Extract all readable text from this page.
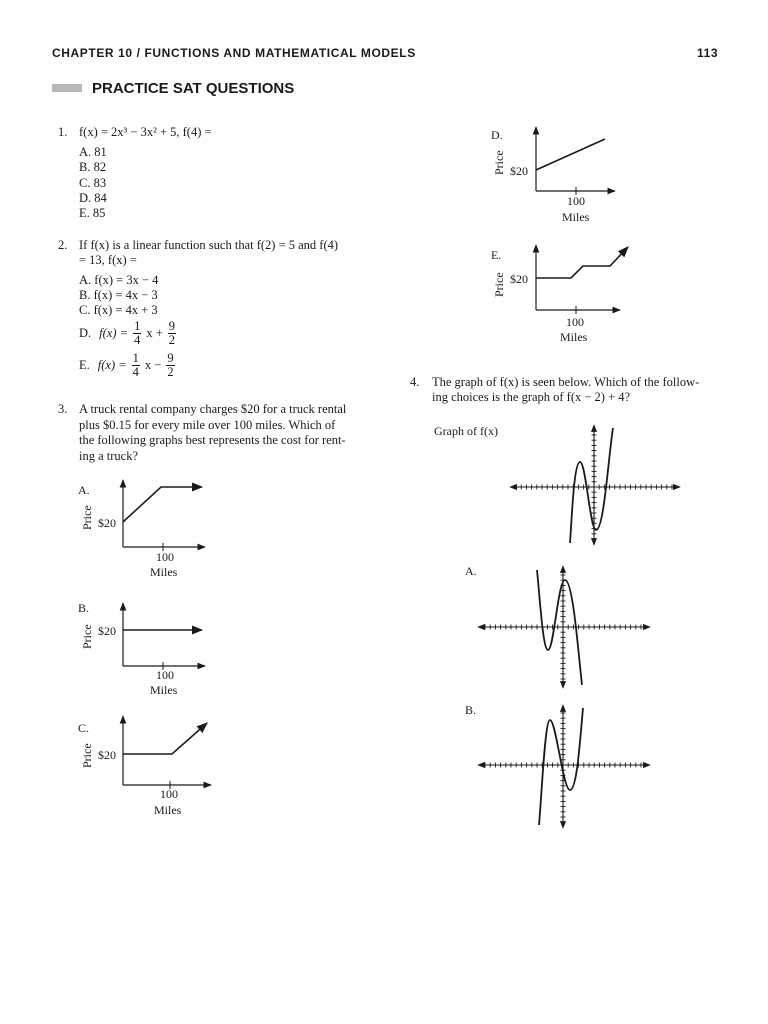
CHAPTER 10 / FUNCTIONS AND MATHEMATICAL MODELS	113
PRACTICE SAT QUESTIONS
1. f(x) = 2x³ − 3x² + 5, f(4) =
A. 81
B. 82
C. 83
D. 84
E. 85
2. If f(x) is a linear function such that f(2) = 5 and f(4)
= 13, f(x) =
A. f(x) = 3x − 4
B. f(x) = 4x − 3
C. f(x) = 4x + 3
D. $f(x) = \frac{1}{4}$ $x + \frac{9}{2}$
E. $f(x) = \frac{1}{4}$ $x - \frac{9}{2}$
3. A truck rental company charges $20 for a truck rental
plus $0.15 for every mile over 100 miles. Which of
the following graphs best represents the cost for rent-
ing a truck?
4. The graph of f(x) is seen below. Which of the follow-
ing choices is the graph of f(x − 2) + 4?
A.
$20
100
Miles
Price
B.
$20
100
Miles
Price
C.
$20
100
Miles
Price
D.
$20
100
Miles
Price
E.
$20
100
Miles
Price
Graph of f(x)
A.
B.
